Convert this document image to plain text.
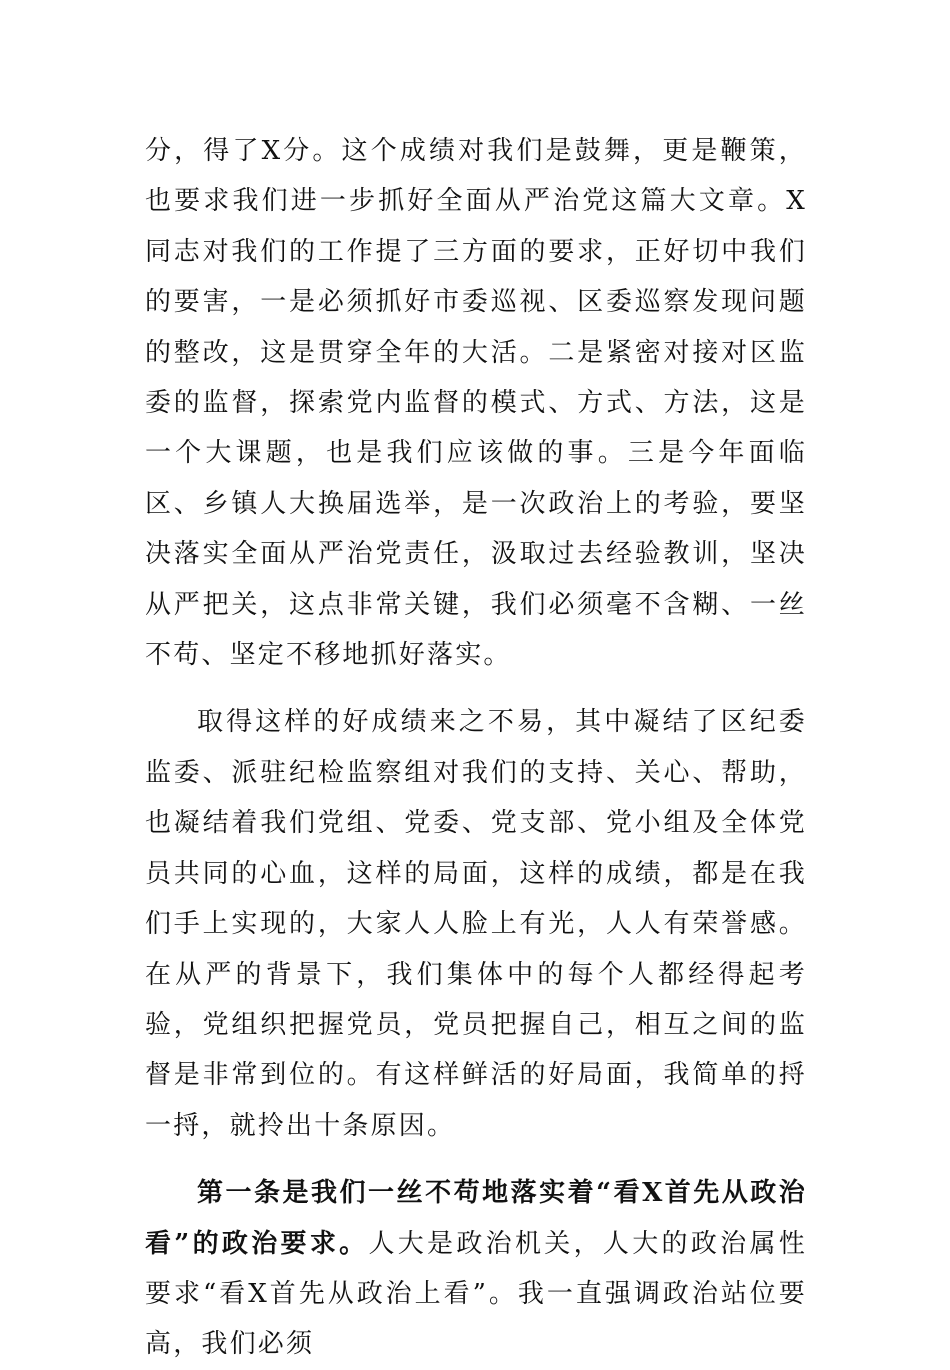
分，得了X分。这个成绩对我们是鼓舞，更是鞭策，也要求我们进一步抓好全面从严治党这篇大文章。X同志对我们的工作提了三方面的要求，正好切中我们的要害，一是必须抓好市委巡视、区委巡察发现问题的整改，这是贯穿全年的大活。二是紧密对接对区监委的监督，探索党内监督的模式、方式、方法，这是一个大课题，也是我们应该做的事。三是今年面临区、乡镇人大换届选举，是一次政治上的考验，要坚决落实全面从严治党责任，汲取过去经验教训，坚决从严把关，这点非常关键，我们必须毫不含糊、一丝不苟、坚定不移地抓好落实。

取得这样的好成绩来之不易，其中凝结了区纪委监委、派驻纪检监察组对我们的支持、关心、帮助，也凝结着我们党组、党委、党支部、党小组及全体党员共同的心血，这样的局面，这样的成绩，都是在我们手上实现的，大家人人脸上有光，人人有荣誉感。在从严的背景下，我们集体中的每个人都经得起考验，党组织把握党员，党员把握自己，相互之间的监督是非常到位的。有这样鲜活的好局面，我简单的捋一捋，就拎出十条原因。

第一条是我们一丝不苟地落实着“看X首先从政治看”的政治要求。人大是政治机关，人大的政治属性要求“看X首先从政治上看”。我一直强调政治站位要高，我们必须
